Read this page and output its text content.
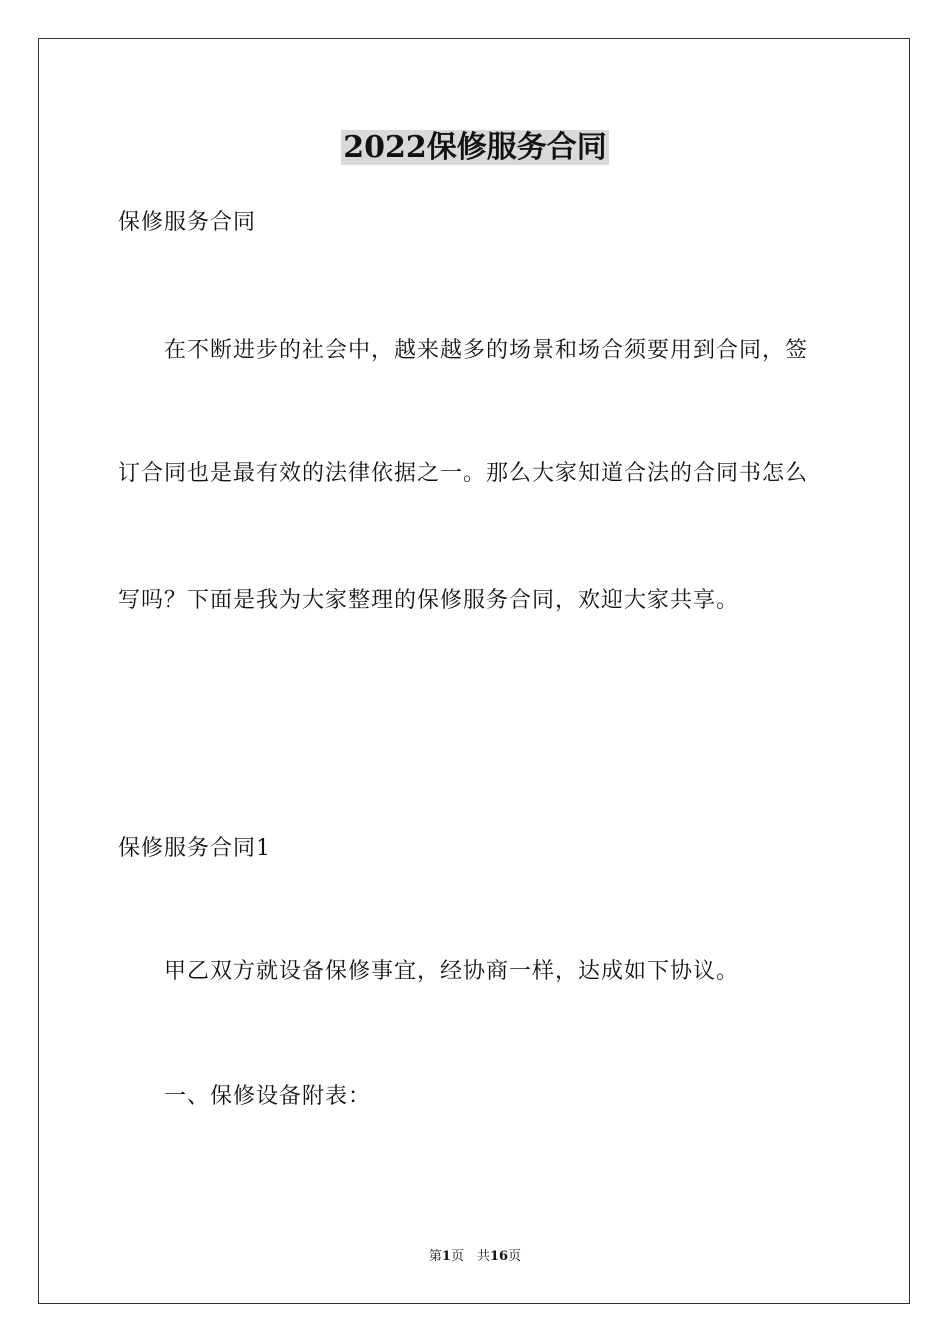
2022保修服务合同
保修服务合同
在不断进步的社会中，越来越多的场景和场合须要用到合同，签
订合同也是最有效的法律依据之一。那么大家知道合法的合同书怎么
写吗？下面是我为大家整理的保修服务合同，欢迎大家共享。
保修服务合同1
甲乙双方就设备保修事宜，经协商一样，达成如下协议。
一、保修设备附表：
第1页　共16页
